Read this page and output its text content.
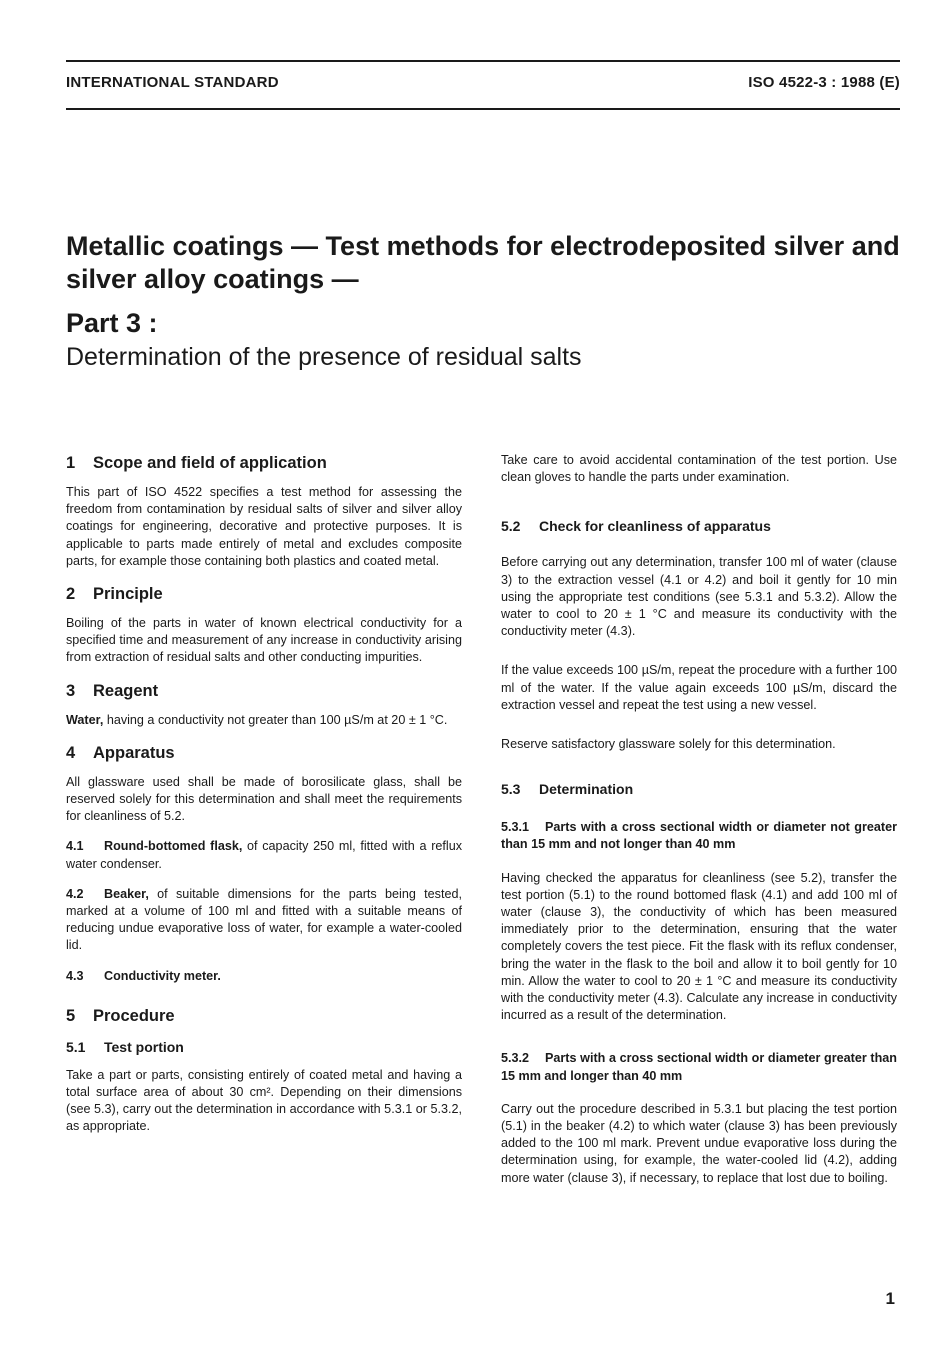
INTERNATIONAL STANDARD	ISO 4522-3 : 1988 (E)
Metallic coatings — Test methods for electrodeposited silver and silver alloy coatings —
Part 3 :
Determination of the presence of residual salts
1 Scope and field of application

This part of ISO 4522 specifies a test method for assessing the freedom from contamination by residual salts of silver and silver alloy coatings for engineering, decorative and protective purposes. It is applicable to parts made entirely of metal and excludes composite parts, for example those containing both plastics and coated metal.

2 Principle

Boiling of the parts in water of known electrical conductivity for a specified time and measurement of any increase in conductivity arising from extraction of residual salts and other conducting impurities.

3 Reagent

Water, having a conductivity not greater than 100 µS/m at 20 ± 1 °C.

4 Apparatus

All glassware used shall be made of borosilicate glass, shall be reserved solely for this determination and shall meet the requirements for cleanliness of 5.2.

4.1 Round-bottomed flask, of capacity 250 ml, fitted with a reflux water condenser.

4.2 Beaker, of suitable dimensions for the parts being tested, marked at a volume of 100 ml and fitted with a suitable means of reducing undue evaporative loss of water, for example a water-cooled lid.

4.3 Conductivity meter.

5 Procedure
5.1 Test portion

Take a part or parts, consisting entirely of coated metal and having a total surface area of about 30 cm². Depending on their dimensions (see 5.3), carry out the determination in accordance with 5.3.1 or 5.3.2, as appropriate.

Take care to avoid accidental contamination of the test portion. Use clean gloves to handle the parts under examination.

5.2 Check for cleanliness of apparatus

Before carrying out any determination, transfer 100 ml of water (clause 3) to the extraction vessel (4.1 or 4.2) and boil it gently for 10 min using the appropriate test conditions (see 5.3.1 and 5.3.2). Allow the water to cool to 20 ± 1 °C and measure its conductivity with the conductivity meter (4.3).

If the value exceeds 100 µS/m, repeat the procedure with a further 100 ml of the water. If the value again exceeds 100 µS/m, discard the extraction vessel and repeat the test using a new vessel.

Reserve satisfactory glassware solely for this determination.

5.3 Determination
5.3.1 Parts with a cross sectional width or diameter not greater than 15 mm and not longer than 40 mm

Having checked the apparatus for cleanliness (see 5.2), transfer the test portion (5.1) to the round bottomed flask (4.1) and add 100 ml of water (clause 3), the conductivity of which has been measured immediately prior to the determination, ensuring that the water completely covers the test piece. Fit the flask with its reflux condenser, bring the water in the flask to the boil and allow it to boil gently for 10 min. Allow the water to cool to 20 ± 1 °C and measure its conductivity with the conductivity meter (4.3). Calculate any increase in conductivity incurred as a result of the determination.

5.3.2 Parts with a cross sectional width or diameter greater than 15 mm and longer than 40 mm

Carry out the procedure described in 5.3.1 but placing the test portion (5.1) in the beaker (4.2) to which water (clause 3) has been previously added to the 100 ml mark. Prevent undue evaporative loss during the determination using, for example, the water-cooled lid (4.2), adding more water (clause 3), if necessary, to replace that lost due to boiling.

1
